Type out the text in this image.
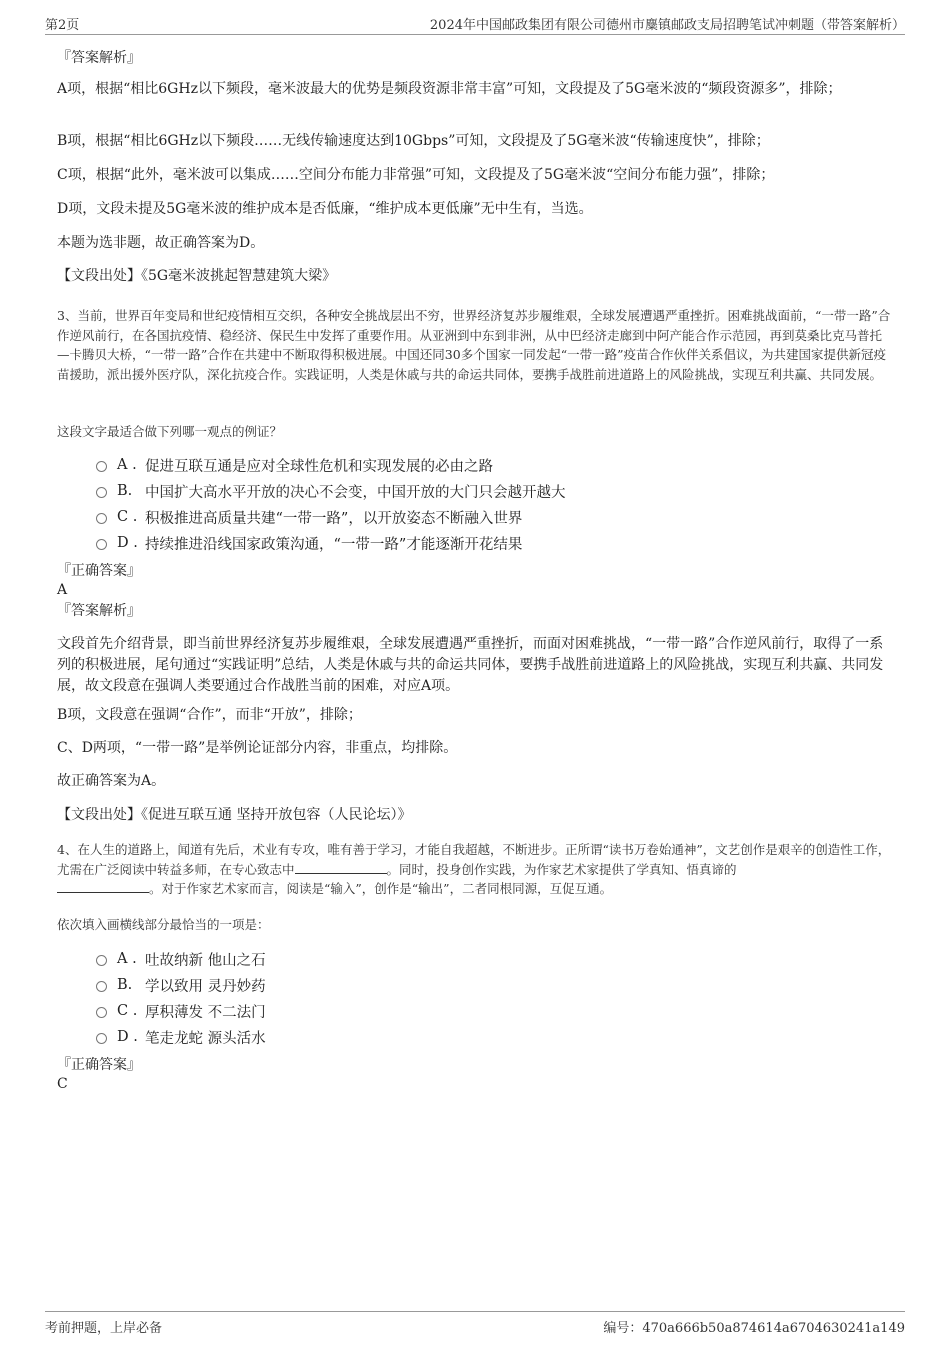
第2页	2024年中国邮政集团有限公司德州市麋镇邮政支局招聘笔试冲刺题（带答案解析）
『答案解析』
A项，根据“相比6GHz以下频段，毫米波最大的优势是频段资源非常丰富”可知，文段提及了5G毫米波的“频段资源多”，排除；
B项，根据“相比6GHz以下频段……无线传输速度达到10Gbps”可知，文段提及了5G毫米波“传输速度快”，排除；
C项，根据“此外，毫米波可以集成……空间分布能力非常强”可知，文段提及了5G毫米波“空间分布能力强”，排除；
D项，文段未提及5G毫米波的维护成本是否低廉，“维护成本更低廉”无中生有，当选。
本题为选非题，故正确答案为D。
【文段出处】《5G毫米波挑起智慧建筑大梁》
3、当前，世界百年变局和世纪疫情相互交织，各种安全挑战层出不穷，世界经济复苏步履维艰，全球发展遭遇严重挫折。困难挑战面前，“一带一路”合作逆风前行，在各国抗疫情、稳经济、保民生中发挥了重要作用。从亚洲到中东到非洲，从中巴经济走廊到中阿产能合作示范园，再到莫桑比克马普托—卡腾贝大桥，“一带一路”合作在共建中不断取得积极进展。中国还同30多个国家一同发起“一带一路”疫苗合作伙伴关系倡议，为共建国家提供新冠疫苗援助，派出援外医疗队，深化抗疫合作。实践证明，人类是休戚与共的命运共同体，要携手战胜前进道路上的风险挑战，实现互利共赢、共同发展。
这段文字最适合做下列哪一观点的例证？
A . 促进互联互通是应对全球性危机和实现发展的必由之路
B. 中国扩大高水平开放的决心不会变，中国开放的大门只会越开越大
C . 积极推进高质量共建“一带一路”，以开放姿态不断融入世界
D . 持续推进沿线国家政策沟通，“一带一路”才能逐渐开花结果
『正确答案』
A
『答案解析』
文段首先介绍背景，即当前世界经济复苏步履维艰，全球发展遭遇严重挫折，而面对困难挑战，“一带一路”合作逆风前行，取得了一系列的积极进展，尾句通过“实践证明”总结，人类是休戚与共的命运共同体，要携手战胜前进道路上的风险挑战，实现互利共赢、共同发展，故文段意在强调人类要通过合作战胜当前的困难，对应A项。
B项，文段意在强调“合作”，而非“开放”，排除；
C、D两项，“一带一路”是举例论证部分内容，非重点，均排除。
故正确答案为A。
【文段出处】《促进互联互通 坚持开放包容（人民论坛）》
4、在人生的道路上，闻道有先后，术业有专攻，唯有善于学习，才能自我超越，不断进步。正所谓“读书万卷始通神”，文艺创作是艰辛的创造性工作，尤需在广泛阅读中转益多师，在专心致志中	。同时，投身创作实践，为作家艺术家提供了学真知、悟真谛的
。对于作家艺术家而言，阅读是“输入”，创作是“输出”，二者同根同源，互促互通。
依次填入画横线部分最恰当的一项是：
A . 吐故纳新 他山之石
B. 学以致用 灵丹妙药
C . 厚积薄发 不二法门
D . 笔走龙蛇 源头活水
『正确答案』
C
考前押题，上岸必备	编号：470a666b50a874614a6704630241a149
